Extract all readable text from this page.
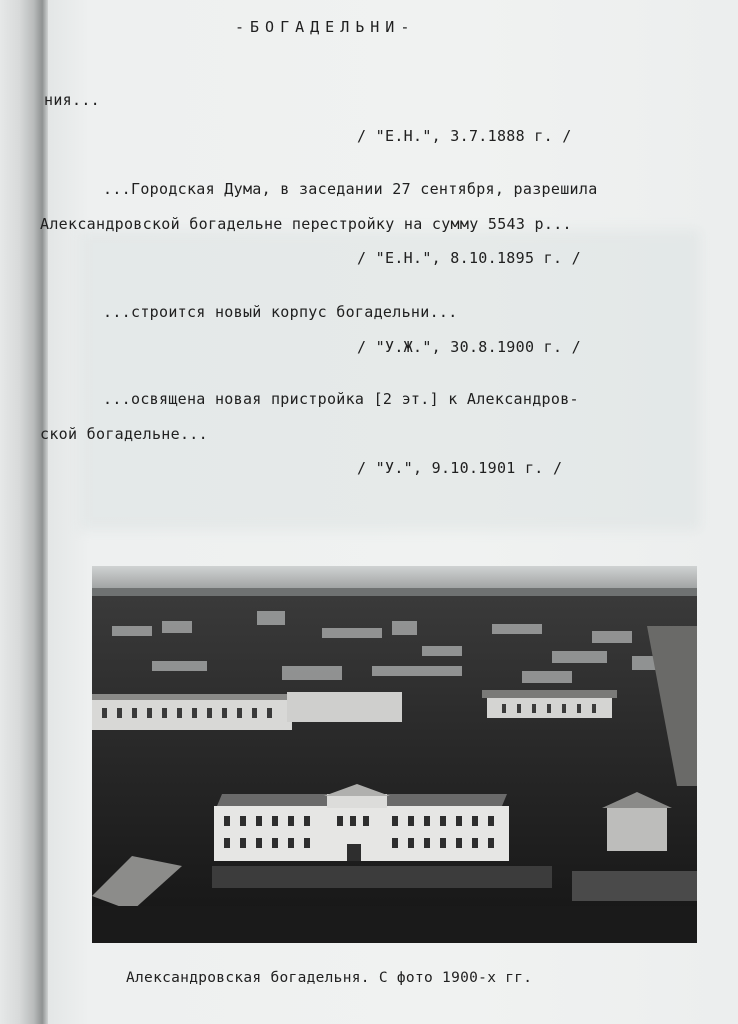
-БОГАДЕЛЬНИ-
ния...
/ "Е.Н.", 3.7.1888 г. /
...Городская Дума, в заседании 27 сентября, разрешила
Александровской богадельне перестройку на сумму 5543 р...
/ "Е.Н.", 8.10.1895 г. /
...строится новый корпус богадельни...
/ "У.Ж.", 30.8.1900 г. /
...освящена новая пристройка [2 эт.] к Александров-
ской богадельне...
/ "У.", 9.10.1901 г. /
Александровская богадельня. С фото 1900-х гг.
